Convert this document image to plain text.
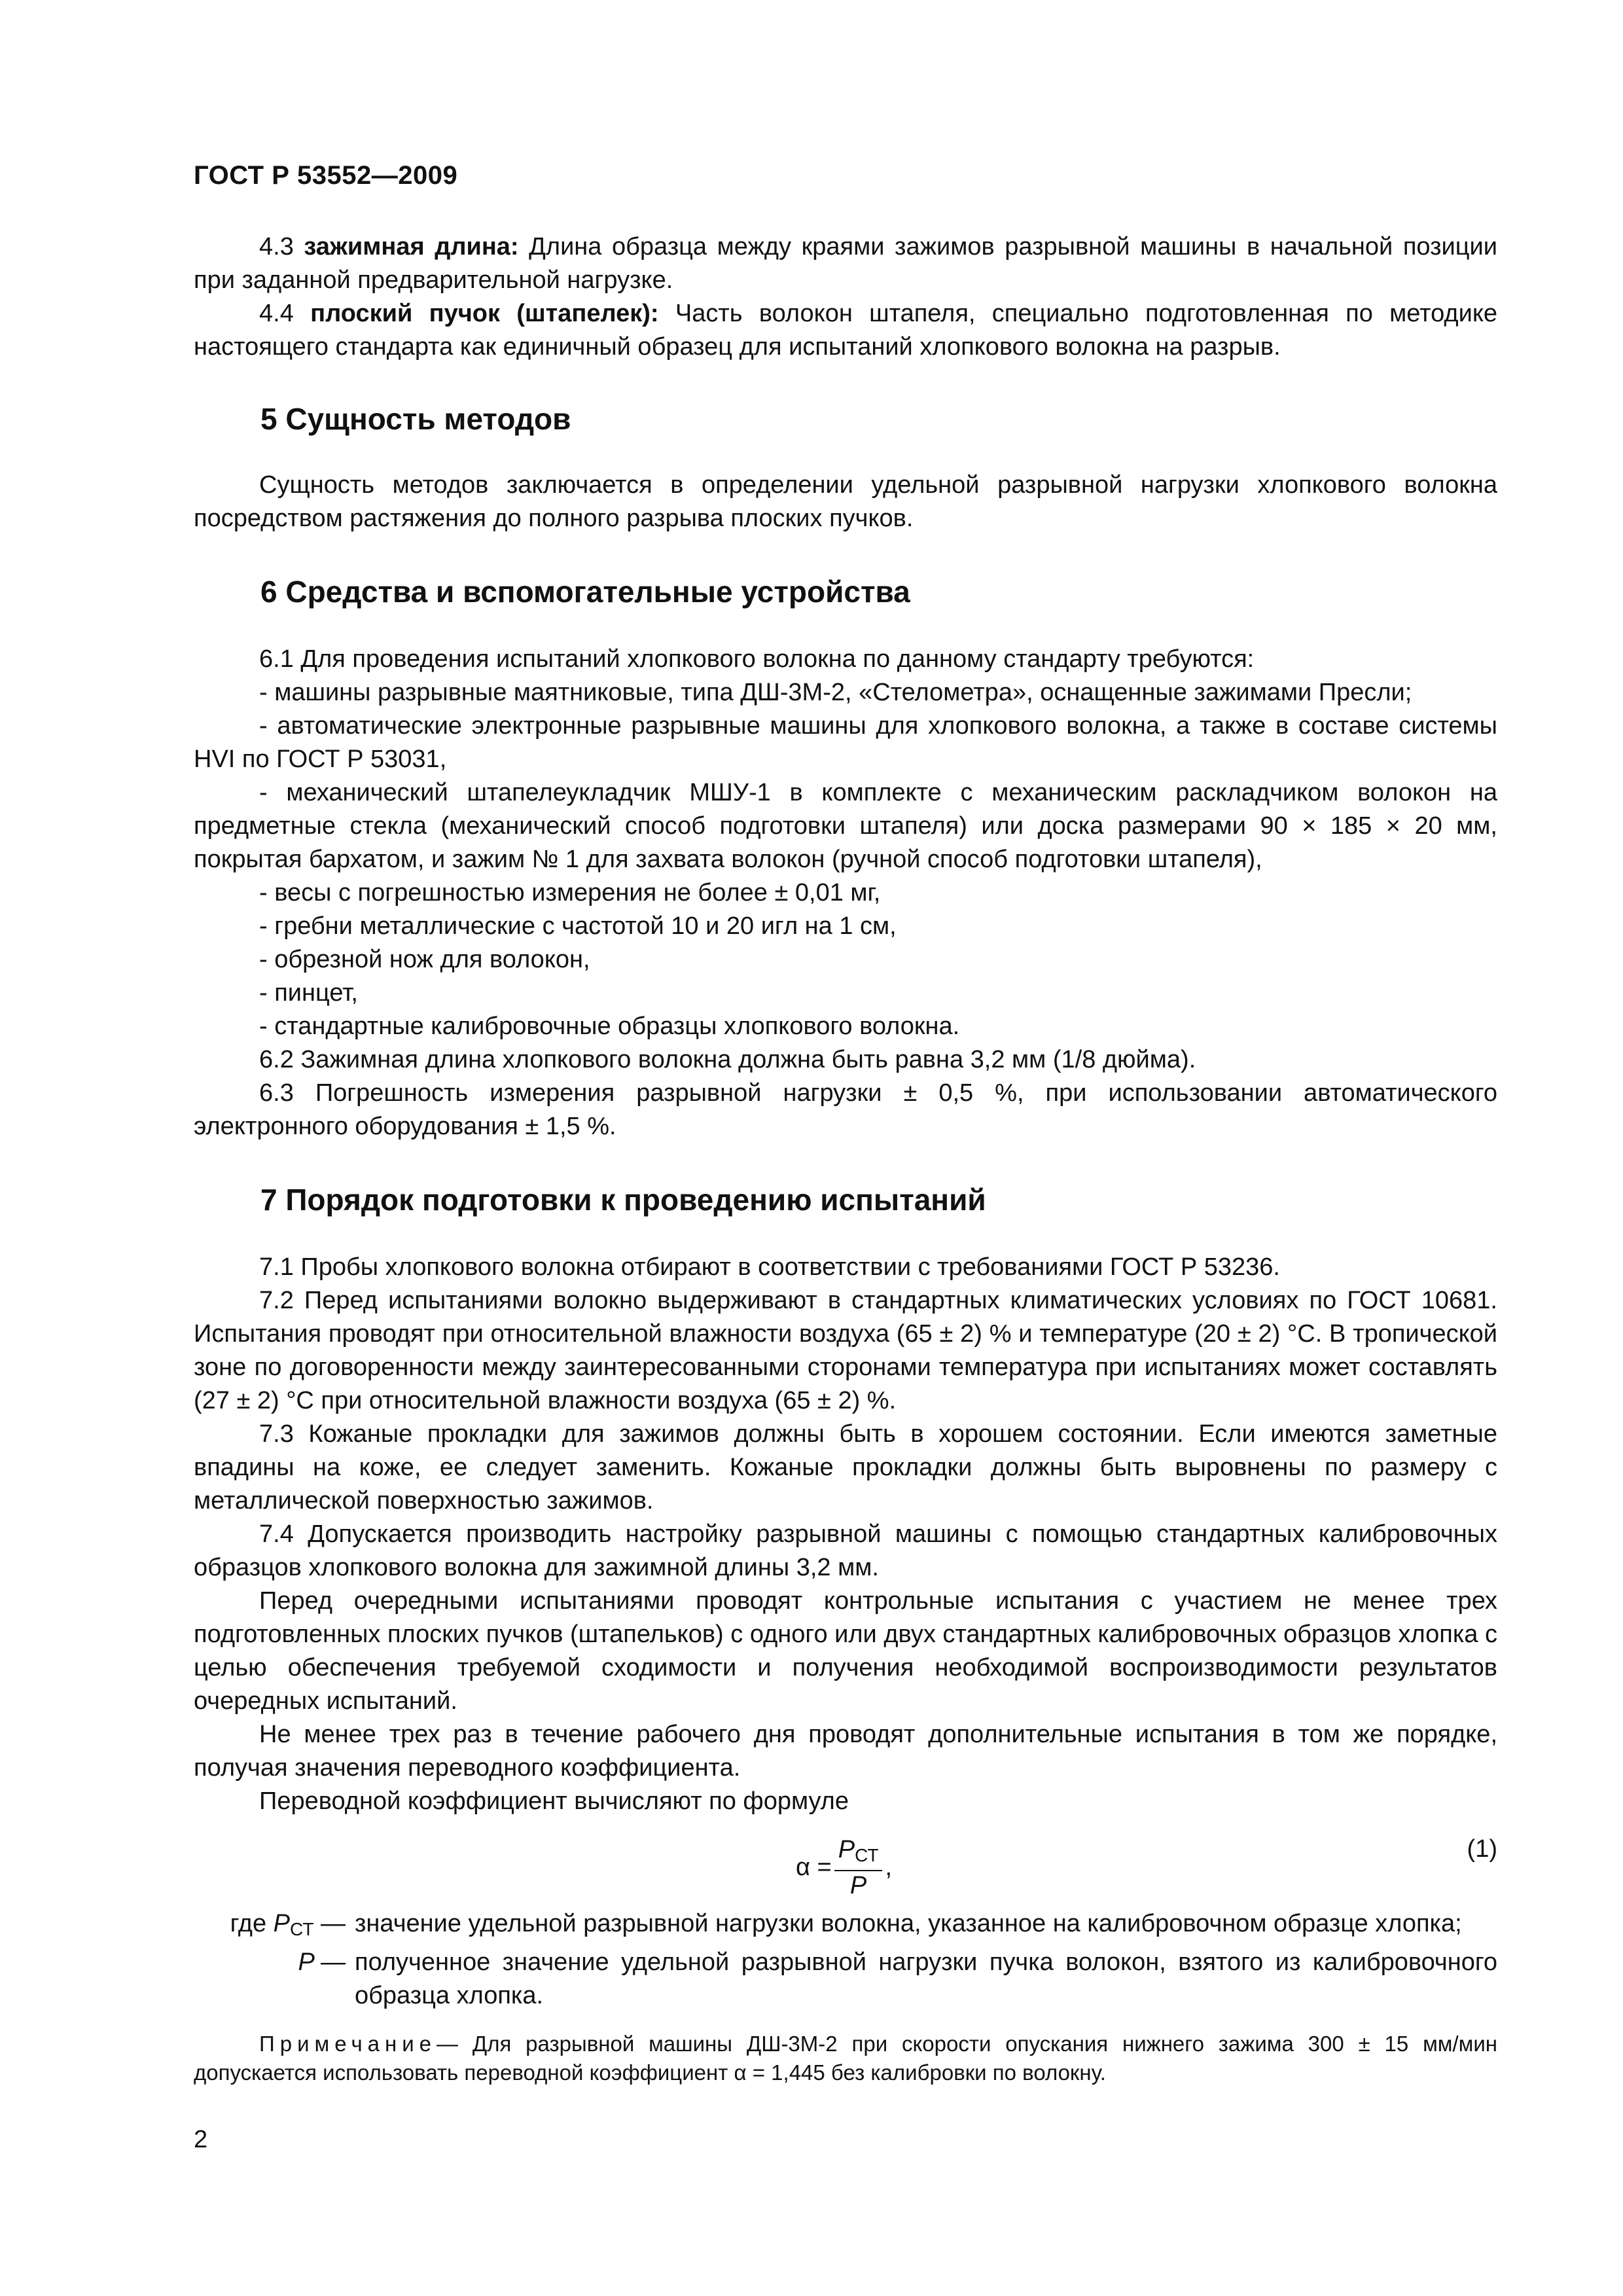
ГОСТ Р 53552—2009

4.3 зажимная длина: Длина образца между краями зажимов разрывной машины в начальной позиции при заданной предварительной нагрузке.

4.4 плоский пучок (штапелек): Часть волокон штапеля, специально подготовленная по методике настоящего стандарта как единичный образец для испытаний хлопкового волокна на разрыв.

5 Сущность методов

Сущность методов заключается в определении удельной разрывной нагрузки хлопкового волокна посредством растяжения до полного разрыва плоских пучков.

6 Средства и вспомогательные устройства

6.1 Для проведения испытаний хлопкового волокна по данному стандарту требуются:

- машины разрывные маятниковые, типа ДШ-3М-2, «Стелометра», оснащенные зажимами Пресли;

- автоматические электронные разрывные машины для хлопкового волокна, а также в составе системы HVI по ГОСТ Р 53031,

- механический штапелеукладчик МШУ-1 в комплекте с механическим раскладчиком волокон на предметные стекла (механический способ подготовки штапеля) или доска размерами 90 × 185 × 20 мм, покрытая бархатом, и зажим № 1 для захвата волокон (ручной способ подготовки штапеля),

- весы с погрешностью измерения не более ± 0,01 мг,

- гребни металлические с частотой 10 и 20 игл на 1 см,

- обрезной нож для волокон,

- пинцет,

- стандартные калибровочные образцы хлопкового волокна.

6.2 Зажимная длина хлопкового волокна должна быть равна 3,2 мм (1/8 дюйма).

6.3 Погрешность измерения разрывной нагрузки ± 0,5 %, при использовании автоматического электронного оборудования ± 1,5 %.

7 Порядок подготовки к проведению испытаний

7.1 Пробы хлопкового волокна отбирают в соответствии с требованиями ГОСТ Р 53236.

7.2 Перед испытаниями волокно выдерживают в стандартных климатических условиях по ГОСТ 10681. Испытания проводят при относительной влажности воздуха (65 ± 2) % и температуре (20 ± 2) °С. В тропической зоне по договоренности между заинтересованными сторонами температура при испытаниях может составлять (27 ± 2) °С при относительной влажности воздуха (65 ± 2) %.

7.3 Кожаные прокладки для зажимов должны быть в хорошем состоянии. Если имеются заметные впадины на коже, ее следует заменить. Кожаные прокладки должны быть выровнены по размеру с металлической поверхностью зажимов.

7.4 Допускается производить настройку разрывной машины с помощью стандартных калибровочных образцов хлопкового волокна для зажимной длины 3,2 мм.

Перед очередными испытаниями проводят контрольные испытания с участием не менее трех подготовленных плоских пучков (штапельков) с одного или двух стандартных калибровочных образцов хлопка с целью обеспечения требуемой сходимости и получения необходимой воспроизводимости результатов очередных испытаний.

Не менее трех раз в течение рабочего дня проводят дополнительные испытания в том же порядке, получая значения переводного коэффициента.

Переводной коэффициент вычисляют по формуле

$\alpha = \frac{P_{СТ}}{P}$ ,
(1)
где $P_{СТ}$ — значение удельной разрывной нагрузки волокна, указанное на калибровочном образце хлопка;
P — полученное значение удельной разрывной нагрузки пучка волокон, взятого из калибровочного образца хлопка.

Примечание— Для разрывной машины ДШ-3М-2 при скорости опускания нижнего зажима 300 ± 15 мм/мин допускается использовать переводной коэффициент α = 1,445 без калибровки по волокну.

2
